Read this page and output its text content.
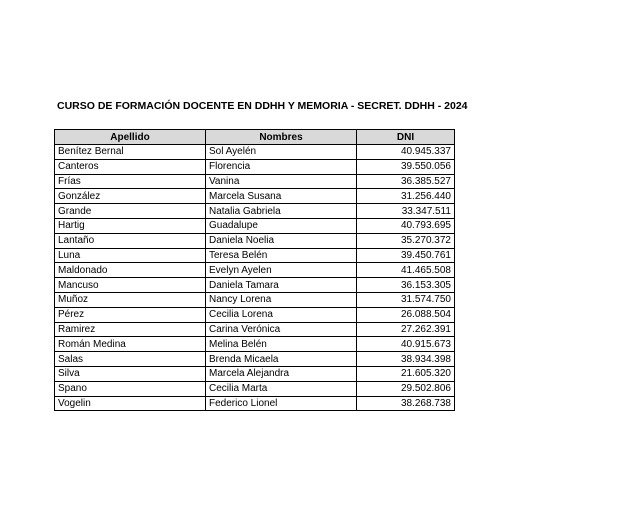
CURSO DE FORMACIÓN DOCENTE EN DDHH Y MEMORIA - SECRET. DDHH - 2024
Apellido	Nombres	DNI
Benítez Bernal	Sol Ayelén	40.945.337
Canteros	Florencia	39.550.056
Frías	Vanina	36.385.527
González	Marcela Susana	31.256.440
Grande	Natalia Gabriela	33.347.511
Hartig	Guadalupe	40.793.695
Lantaño	Daniela Noelia	35.270.372
Luna	Teresa Belén	39.450.761
Maldonado	Evelyn Ayelen	41.465.508
Mancuso	Daniela Tamara	36.153.305
Muñoz	Nancy Lorena	31.574.750
Pérez	Cecilia Lorena	26.088.504
Ramirez	Carina Verónica	27.262.391
Román Medina	Melina Belén	40.915.673
Salas	Brenda Micaela	38.934.398
Silva	Marcela Alejandra	21.605.320
Spano	Cecilia Marta	29.502.806
Vogelin	Federico Lionel	38.268.738
